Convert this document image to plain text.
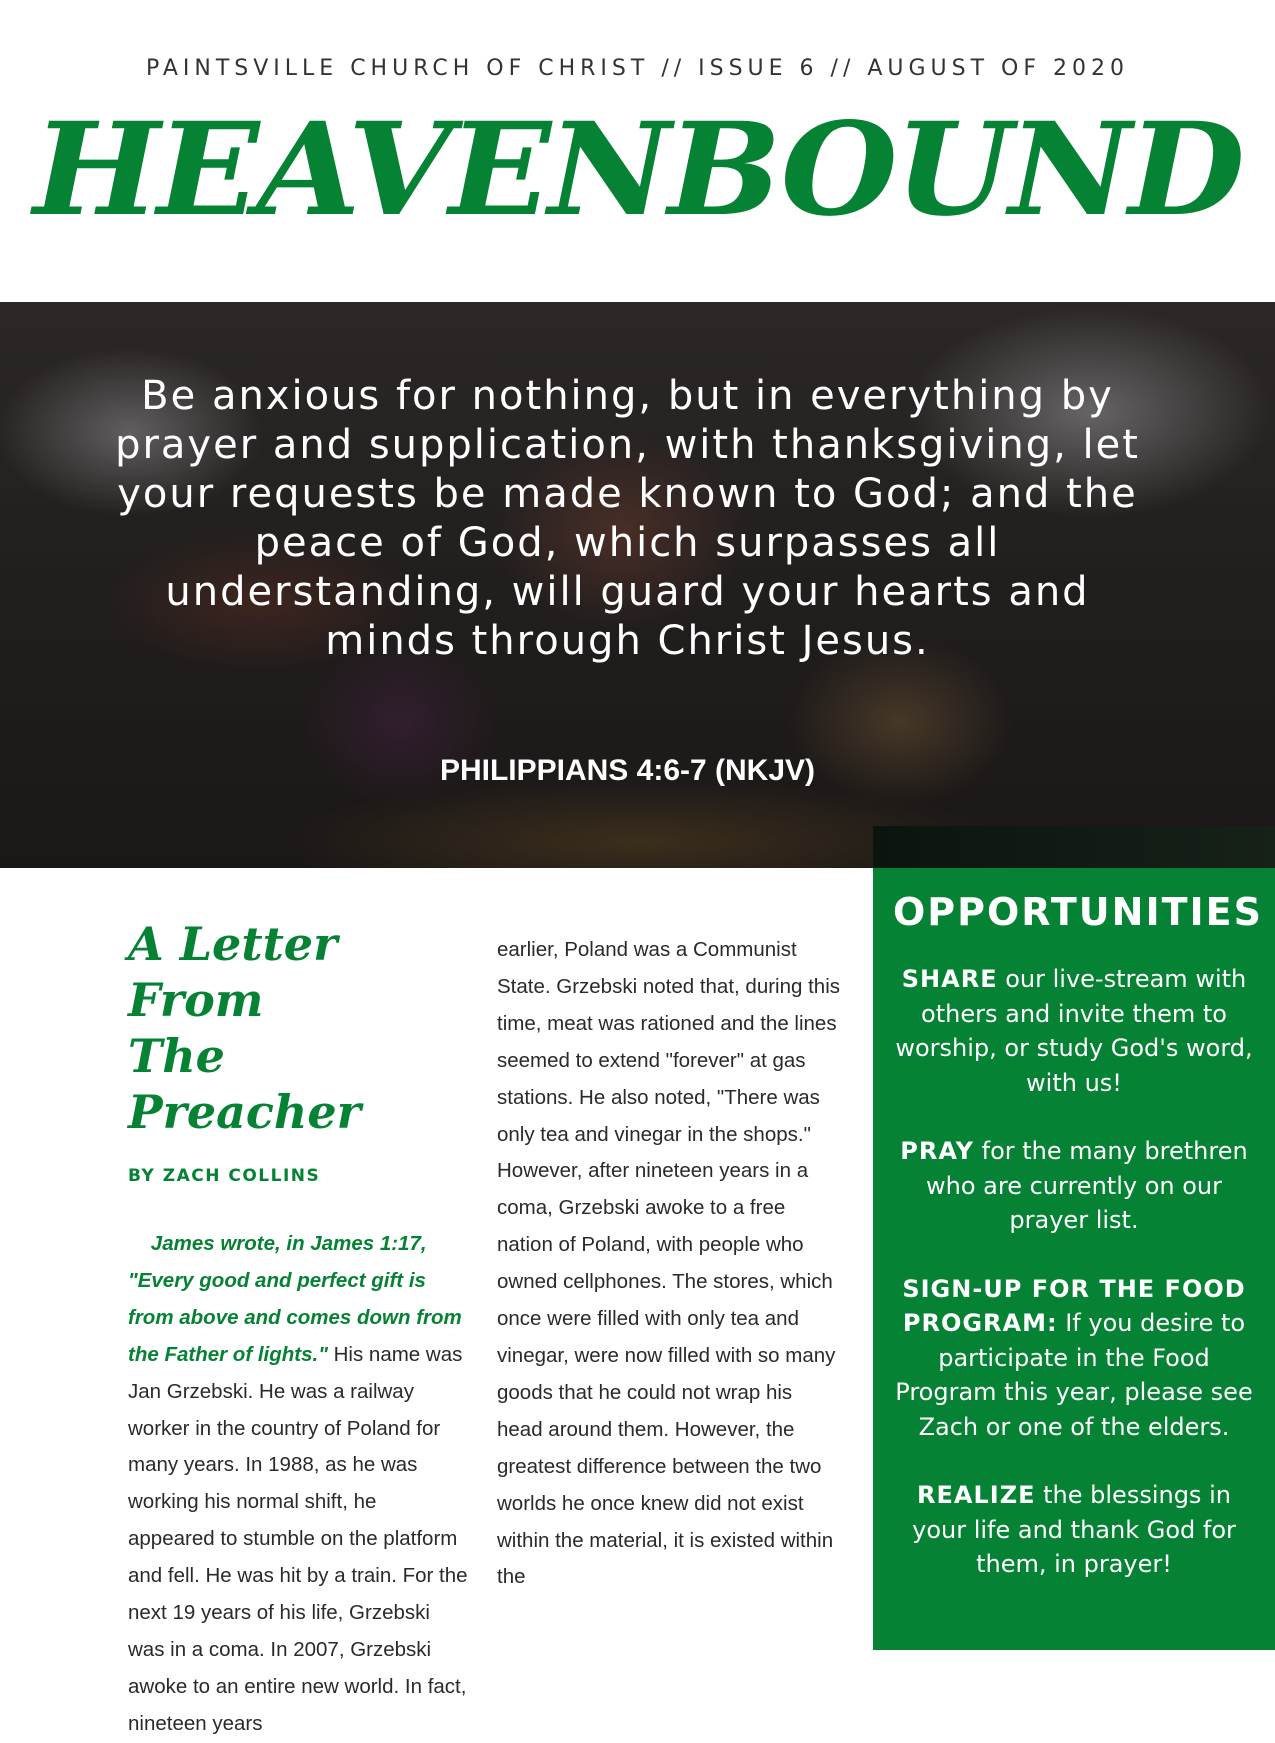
PAINTSVILLE CHURCH OF CHRIST // ISSUE 6 // AUGUST OF 2020
HEAVENBOUND
Be anxious for nothing, but in everything by prayer and supplication, with thanksgiving, let your requests be made known to God; and the peace of God, which surpasses all understanding, will guard your hearts and minds through Christ Jesus.
PHILIPPIANS 4:6-7 (NKJV)
OPPORTUNITIES
SHARE our live-stream with others and invite them to worship, or study God's word, with us!
PRAY for the many brethren who are currently on our prayer list.
SIGN-UP FOR THE FOOD PROGRAM: If you desire to participate in the Food Program this year, please see Zach or one of the elders.
REALIZE the blessings in your life and thank God for them, in prayer!
A Letter From
The Preacher
BY ZACH COLLINS
James wrote, in James 1:17, "Every good and perfect gift is from above and comes down from the Father of lights." His name was Jan Grzebski. He was a railway worker in the country of Poland for many years. In 1988, as he was working his normal shift, he appeared to stumble on the platform and fell. He was hit by a train. For the next 19 years of his life, Grzebski was in a coma. In 2007, Grzebski awoke to an entire new world. In fact, nineteen years
earlier, Poland was a Communist State. Grzebski noted that, during this time, meat was rationed and the lines seemed to extend "forever" at gas stations. He also noted, "There was only tea and vinegar in the shops." However, after nineteen years in a coma, Grzebski awoke to a free nation of Poland, with people who owned cellphones. The stores, which once were filled with only tea and vinegar, were now filled with so many goods that he could not wrap his head around them. However, the greatest difference between the two worlds he once knew did not exist within the material, it is existed within the
